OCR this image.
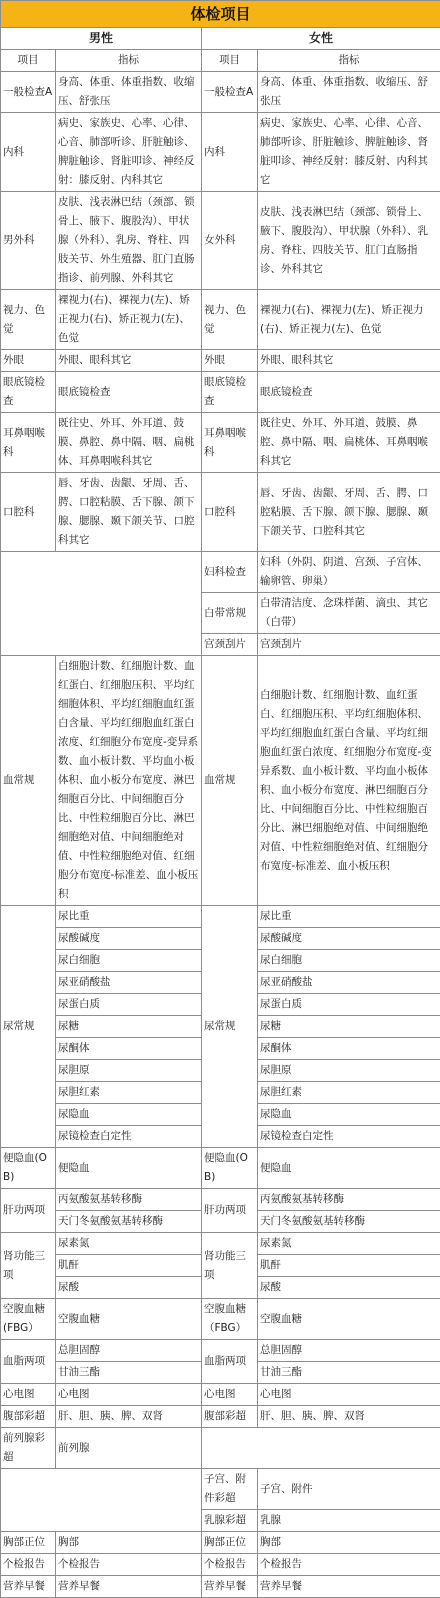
体检项目			
男性		女性	
项目	指标	项目	指标
一般检查A	身高、体重、体重指数、收缩压、舒张压	一般检查A	身高、体重、体重指数、收缩压、舒张压
内科	病史、家族史、心率、心律、心音、肺部听诊、肝脏触诊、脾脏触诊、肾脏叩诊、神经反射：膝反射、内科其它	内科	病史、家族史、心率、心律、心音、肺部听诊、肝脏触诊、脾脏触诊、肾脏叩诊、神经反射：膝反射、内科其它
男外科	皮肤、浅表淋巴结（颈部、锁骨上、腋下、腹股沟）、甲状腺（外科）、乳房、脊柱、四肢关节、外生殖器、肛门直肠指诊、前列腺、外科其它	女外科	皮肤、浅表淋巴结（颈部、锁骨上、腋下、腹股沟）、甲状腺（外科）、乳房、脊柱、四肢关节、肛门直肠指诊、外科其它
视力、色觉	裸视力(右)、裸视力(左)、矫正视力(右)、矫正视力(左)、色觉	视力、色觉	裸视力(右)、裸视力(左)、矫正视力(右)、矫正视力(左)、色觉
外眼	外眼、眼科其它	外眼	外眼、眼科其它
眼底镜检查	眼底镜检查	眼底镜检查	眼底镜检查
耳鼻咽喉科	既往史、外耳、外耳道、鼓膜、鼻腔、鼻中隔、咽、扁桃体、耳鼻咽喉科其它	耳鼻咽喉科	既往史、外耳、外耳道、鼓膜、鼻腔、鼻中隔、咽、扁桃体、耳鼻咽喉科其它
口腔科	唇、牙齿、齿龈、牙周、舌、腭、口腔粘膜、舌下腺、颌下腺、腮腺、颞下颌关节、口腔科其它	口腔科	唇、牙齿、齿龈、牙周、舌、腭、口腔粘膜、舌下腺、颌下腺、腮腺、颞下颌关节、口腔科其它
		妇科检查	妇科（外阴、阴道、宫颈、子宫体、输卵管、卵巢）
		白带常规	白带清洁度、念珠样菌、滴虫、其它（白带）
		宫颈刮片	宫颈刮片
血常规	白细胞计数、红细胞计数、血红蛋白、红细胞压积、平均红细胞体积、平均红细胞血红蛋白含量、平均红细胞血红蛋白浓度、红细胞分布宽度-变异系数、血小板计数、平均血小板体积、血小板分布宽度、淋巴细胞百分比、中间细胞百分比、中性粒细胞百分比、淋巴细胞绝对值、中间细胞绝对值、中性粒细胞绝对值、红细胞分布宽度-标准差、血小板压积	血常规	白细胞计数、红细胞计数、血红蛋白、红细胞压积、平均红细胞体积、平均红细胞血红蛋白含量、平均红细胞血红蛋白浓度、红细胞分布宽度-变异系数、血小板计数、平均血小板体积、血小板分布宽度、淋巴细胞百分比、中间细胞百分比、中性粒细胞百分比、淋巴细胞绝对值、中间细胞绝对值、中性粒细胞绝对值、红细胞分布宽度-标准差、血小板压积
尿常规	尿比重	尿常规	尿比重
	尿酸碱度		尿酸碱度
	尿白细胞		尿白细胞
	尿亚硝酸盐		尿亚硝酸盐
	尿蛋白质		尿蛋白质
	尿糖		尿糖
	尿酮体		尿酮体
	尿胆原		尿胆原
	尿胆红素		尿胆红素
	尿隐血		尿隐血
	尿镜检查白定性		尿镜检查白定性
便隐血(OB)	便隐血	便隐血(OB)	便隐血
肝功两项	丙氨酸氨基转移酶	肝功两项	丙氨酸氨基转移酶
	天门冬氨酸氨基转移酶		天门冬氨酸氨基转移酶
肾功能三项	尿素氮	肾功能三项	尿素氮
	肌酐		肌酐
	尿酸		尿酸
空腹血糖(FBG）	空腹血糖	空腹血糖（FBG）	空腹血糖
血脂两项	总胆固醇	血脂两项	总胆固醇
	甘油三酯		甘油三酯
心电图	心电图	心电图	心电图
腹部彩超	肝、胆、胰、脾、双肾	腹部彩超	肝、胆、胰、脾、双肾
前列腺彩超	前列腺		
		子宫、附件彩超	子宫、附件
		乳腺彩超	乳腺
胸部正位	胸部	胸部正位	胸部
个检报告	个检报告	个检报告	个检报告
营养早餐	营养早餐	营养早餐	营养早餐
